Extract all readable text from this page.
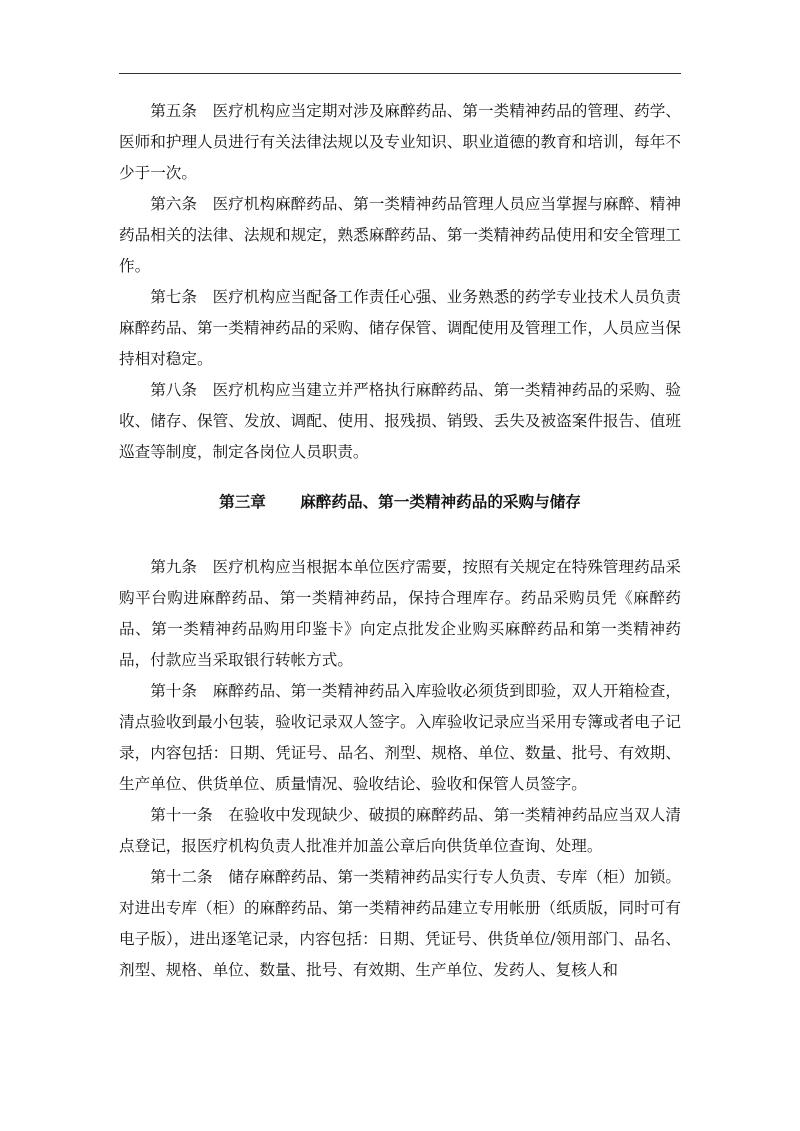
第五条 医疗机构应当定期对涉及麻醉药品、第一类精神药品的管理、药学、医师和护理人员进行有关法律法规以及专业知识、职业道德的教育和培训，每年不少于一次。

第六条 医疗机构麻醉药品、第一类精神药品管理人员应当掌握与麻醉、精神药品相关的法律、法规和规定，熟悉麻醉药品、第一类精神药品使用和安全管理工作。

第七条 医疗机构应当配备工作责任心强、业务熟悉的药学专业技术人员负责麻醉药品、第一类精神药品的采购、储存保管、调配使用及管理工作，人员应当保持相对稳定。

第八条 医疗机构应当建立并严格执行麻醉药品、第一类精神药品的采购、验收、储存、保管、发放、调配、使用、报残损、销毁、丢失及被盗案件报告、值班巡查等制度，制定各岗位人员职责。

第三章 麻醉药品、第一类精神药品的采购与储存

第九条 医疗机构应当根据本单位医疗需要，按照有关规定在特殊管理药品采购平台购进麻醉药品、第一类精神药品，保持合理库存。药品采购员凭《麻醉药品、第一类精神药品购用印鉴卡》向定点批发企业购买麻醉药品和第一类精神药品，付款应当采取银行转帐方式。

第十条 麻醉药品、第一类精神药品入库验收必须货到即验，双人开箱检查，清点验收到最小包装，验收记录双人签字。入库验收记录应当采用专簿或者电子记录，内容包括：日期、凭证号、品名、剂型、规格、单位、数量、批号、有效期、生产单位、供货单位、质量情况、验收结论、验收和保管人员签字。

第十一条 在验收中发现缺少、破损的麻醉药品、第一类精神药品应当双人清点登记，报医疗机构负责人批准并加盖公章后向供货单位查询、处理。

第十二条 储存麻醉药品、第一类精神药品实行专人负责、专库（柜）加锁。对进出专库（柜）的麻醉药品、第一类精神药品建立专用帐册（纸质版，同时可有电子版），进出逐笔记录，内容包括：日期、凭证号、供货单位/领用部门、品名、剂型、规格、单位、数量、批号、有效期、生产单位、发药人、复核人和
